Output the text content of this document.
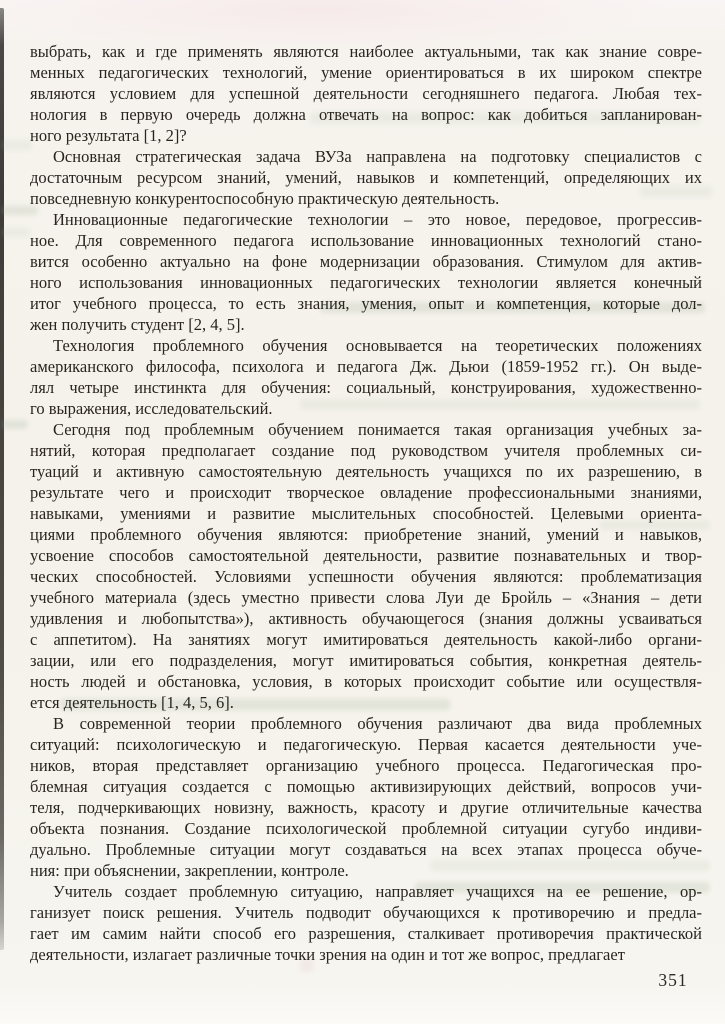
выбрать, как и где применять являются наиболее актуальными, так как знание совре-
менных педагогических технологий, умение ориентироваться в их широком спектре
являются условием для успешной деятельности сегодняшнего педагога. Любая тех-
нология в первую очередь должна отвечать на вопрос: как добиться запланирован-
ного результата [1, 2]?

Основная стратегическая задача ВУЗа направлена на подготовку специалистов с
достаточным ресурсом знаний, умений, навыков и компетенций, определяющих их
повседневную конкурентоспособную практическую деятельность.

Инновационные педагогические технологии – это новое, передовое, прогрессив-
ное. Для современного педагога использование инновационных технологий стано-
вится особенно актуально на фоне модернизации образования. Стимулом для актив-
ного использования инновационных педагогических технологии является конечный
итог учебного процесса, то есть знания, умения, опыт и компетенция, которые дол-
жен получить студент [2, 4, 5].

Технология проблемного обучения основывается на теоретических положениях
американского философа, психолога и педагога Дж. Дьюи (1859-1952 гг.). Он выде-
лял четыре инстинкта для обучения: социальный, конструирования, художественно-
го выражения, исследовательский.

Сегодня под проблемным обучением понимается такая организация учебных за-
нятий, которая предполагает создание под руководством учителя проблемных си-
туаций и активную самостоятельную деятельность учащихся по их разрешению, в
результате чего и происходит творческое овладение профессиональными знаниями,
навыками, умениями и развитие мыслительных способностей. Целевыми ориента-
циями проблемного обучения являются: приобретение знаний, умений и навыков,
усвоение способов самостоятельной деятельности, развитие познавательных и твор-
ческих способностей. Условиями успешности обучения являются: проблематизация
учебного материала (здесь уместно привести слова Луи де Бройль – «Знания – дети
удивления и любопытства»), активность обучающегося (знания должны усваиваться
с аппетитом). На занятиях могут имитироваться деятельность какой-либо органи-
зации, или его подразделения, могут имитироваться события, конкретная деятель-
ность людей и обстановка, условия, в которых происходит событие или осуществля-
ется деятельность [1, 4, 5, 6].

В современной теории проблемного обучения различают два вида проблемных
ситуаций: психологическую и педагогическую. Первая касается деятельности уче-
ников, вторая представляет организацию учебного процесса. Педагогическая про-
блемная ситуация создается с помощью активизирующих действий, вопросов учи-
теля, подчеркивающих новизну, важность, красоту и другие отличительные качества
объекта познания. Создание психологической проблемной ситуации сугубо индиви-
дуально. Проблемные ситуации могут создаваться на всех этапах процесса обуче-
ния: при объяснении, закреплении, контроле.

Учитель создает проблемную ситуацию, направляет учащихся на ее решение, ор-
ганизует поиск решения. Учитель подводит обучающихся к противоречию и предла-
гает им самим найти способ его разрешения, сталкивает противоречия практической
деятельности, излагает различные точки зрения на один и тот же вопрос, предлагает

351
